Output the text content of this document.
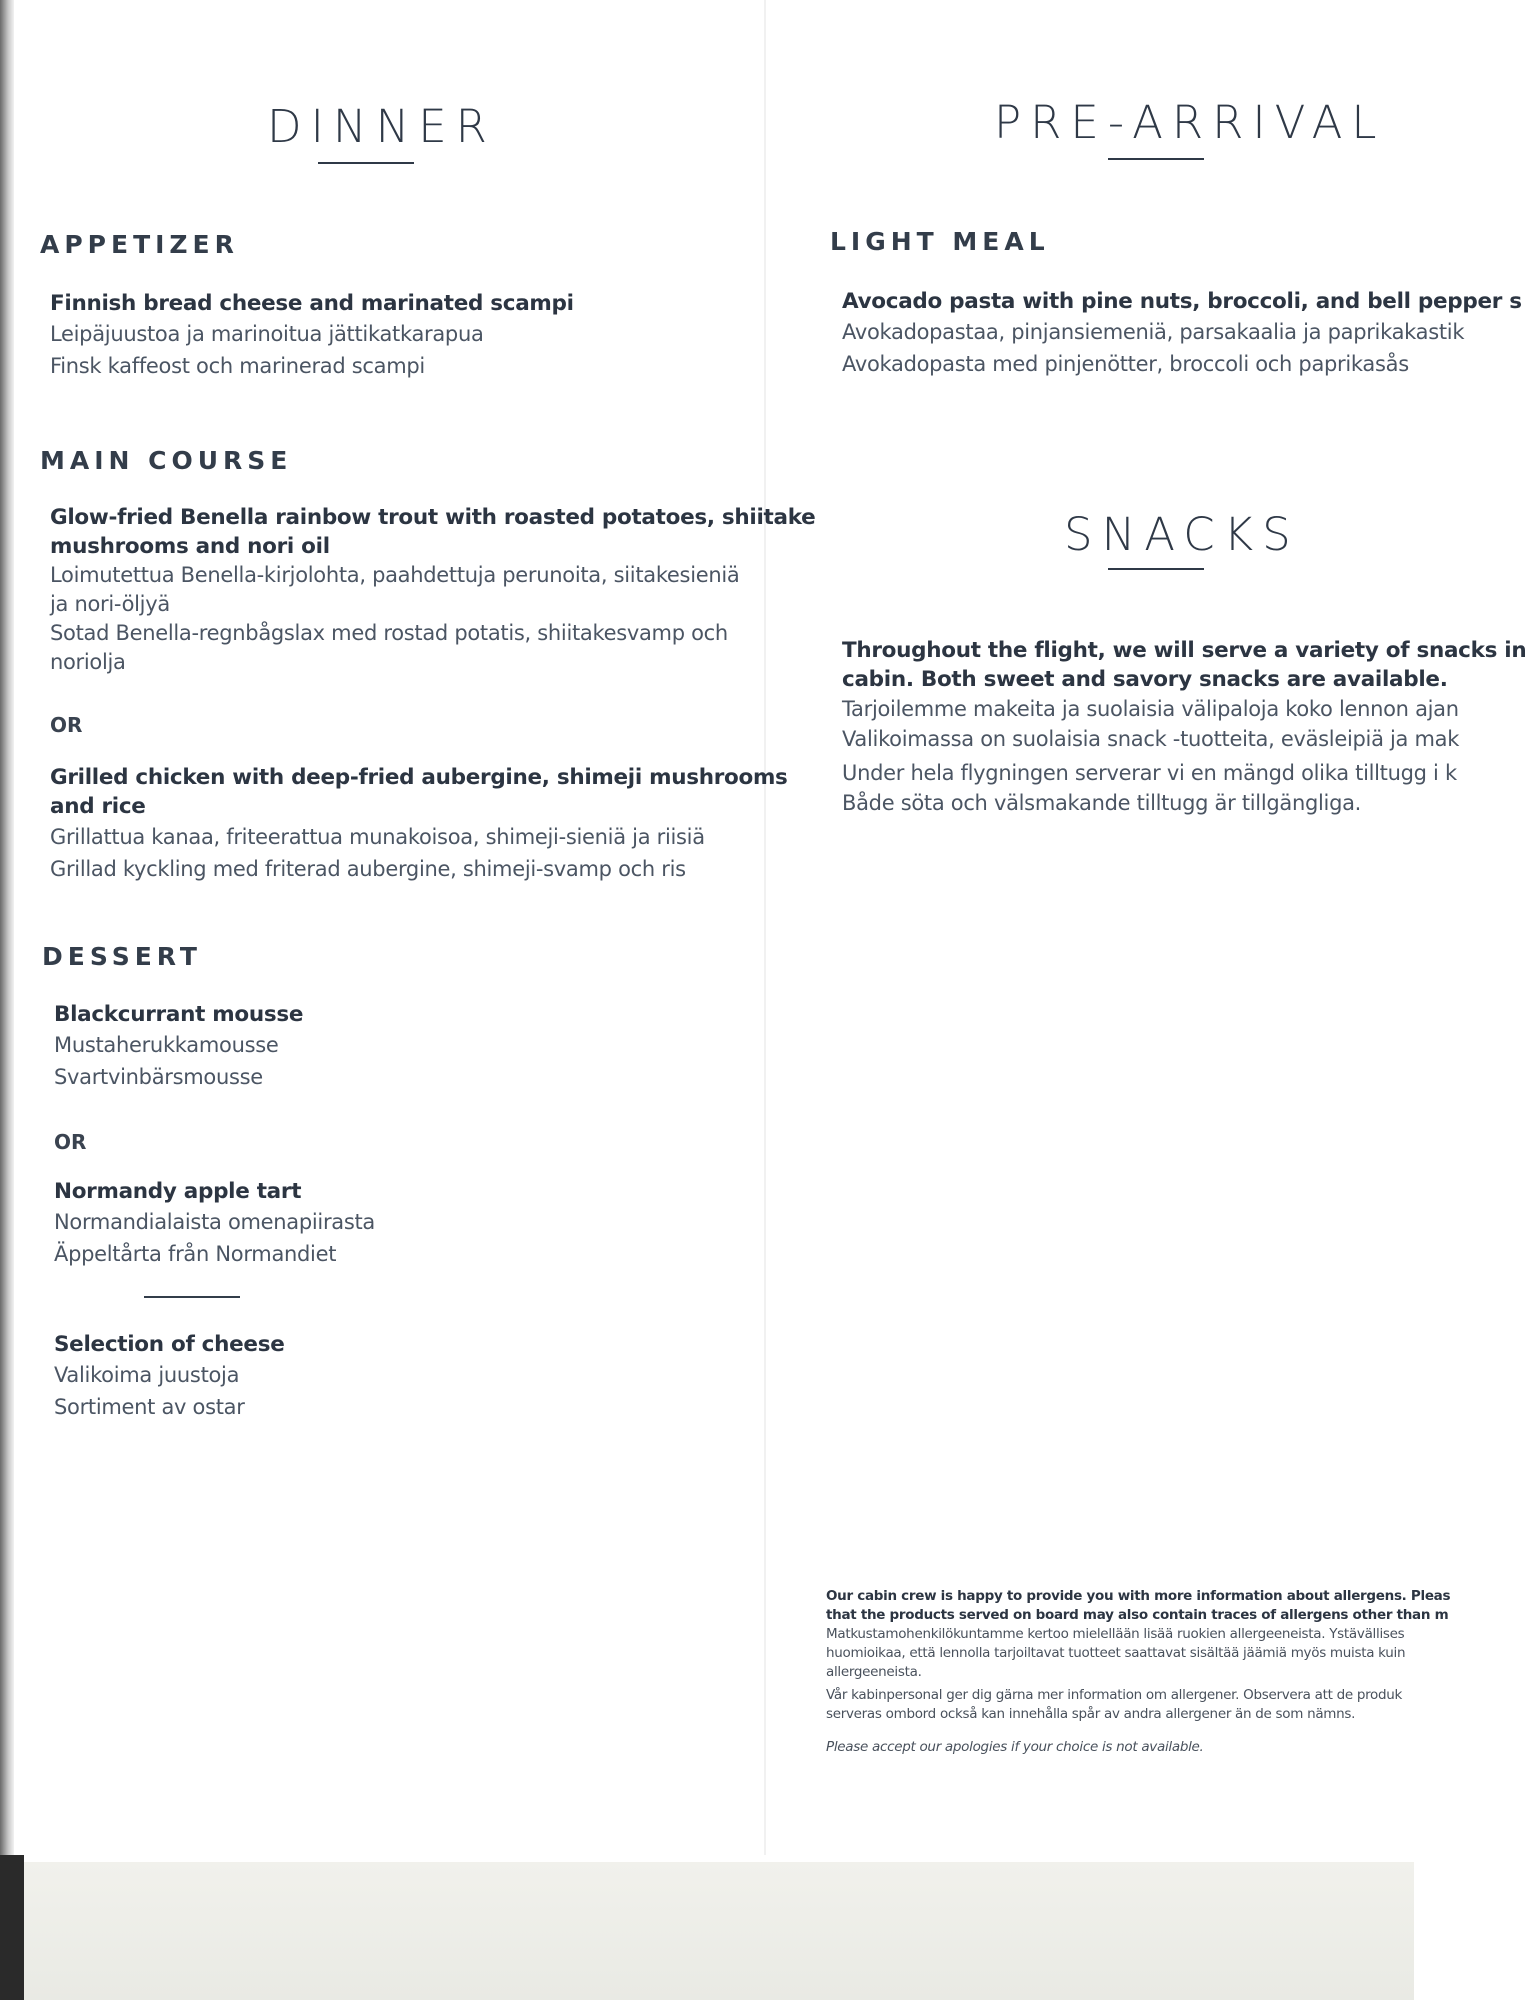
DINNER
APPETIZER
Finnish bread cheese and marinated scampi
Leipäjuustoa ja marinoitua jättikatkarapua
Finsk kaffeost och marinerad scampi
MAIN COURSE
Glow-fried Benella rainbow trout with roasted potatoes, shiitake
mushrooms and nori oil
Loimutettua Benella-kirjolohta, paahdettuja perunoita, siitakesieniä
ja nori-öljyä
Sotad Benella-regnbågslax med rostad potatis, shiitakesvamp och
noriolja
OR
Grilled chicken with deep-fried aubergine, shimeji mushrooms
and rice
Grillattua kanaa, friteerattua munakoisoa, shimeji-sieniä ja riisiä
Grillad kyckling med friterad aubergine, shimeji-svamp och ris
DESSERT
Blackcurrant mousse
Mustaherukkamousse
Svartvinbärsmousse
OR
Normandy apple tart
Normandialaista omenapiirasta
Äppeltårta från Normandiet
Selection of cheese
Valikoima juustoja
Sortiment av ostar
PRE-ARRIVAL
LIGHT MEAL
Avocado pasta with pine nuts, broccoli, and bell pepper s
Avokadopastaa, pinjansiemeniä, parsakaalia ja paprikakastik
Avokadopasta med pinjenötter, broccoli och paprikasås
SNACKS
Throughout the flight, we will serve a variety of snacks in
cabin. Both sweet and savory snacks are available.
Tarjoilemme makeita ja suolaisia välipaloja koko lennon ajan
Valikoimassa on suolaisia snack -tuotteita, eväsleipiä ja mak
Under hela flygningen serverar vi en mängd olika tilltugg i k
Både söta och välsmakande tilltugg är tillgängliga.
Our cabin crew is happy to provide you with more information about allergens. Pleas
that the products served on board may also contain traces of allergens other than m
Matkustamohenkilökuntamme kertoo mielellään lisää ruokien allergeeneista. Ystävällises
huomioikaa, että lennolla tarjoiltavat tuotteet saattavat sisältää jäämiä myös muista kuin
allergeeneista.
Vår kabinpersonal ger dig gärna mer information om allergener. Observera att de produk
serveras ombord också kan innehålla spår av andra allergener än de som nämns.
Please accept our apologies if your choice is not available.
